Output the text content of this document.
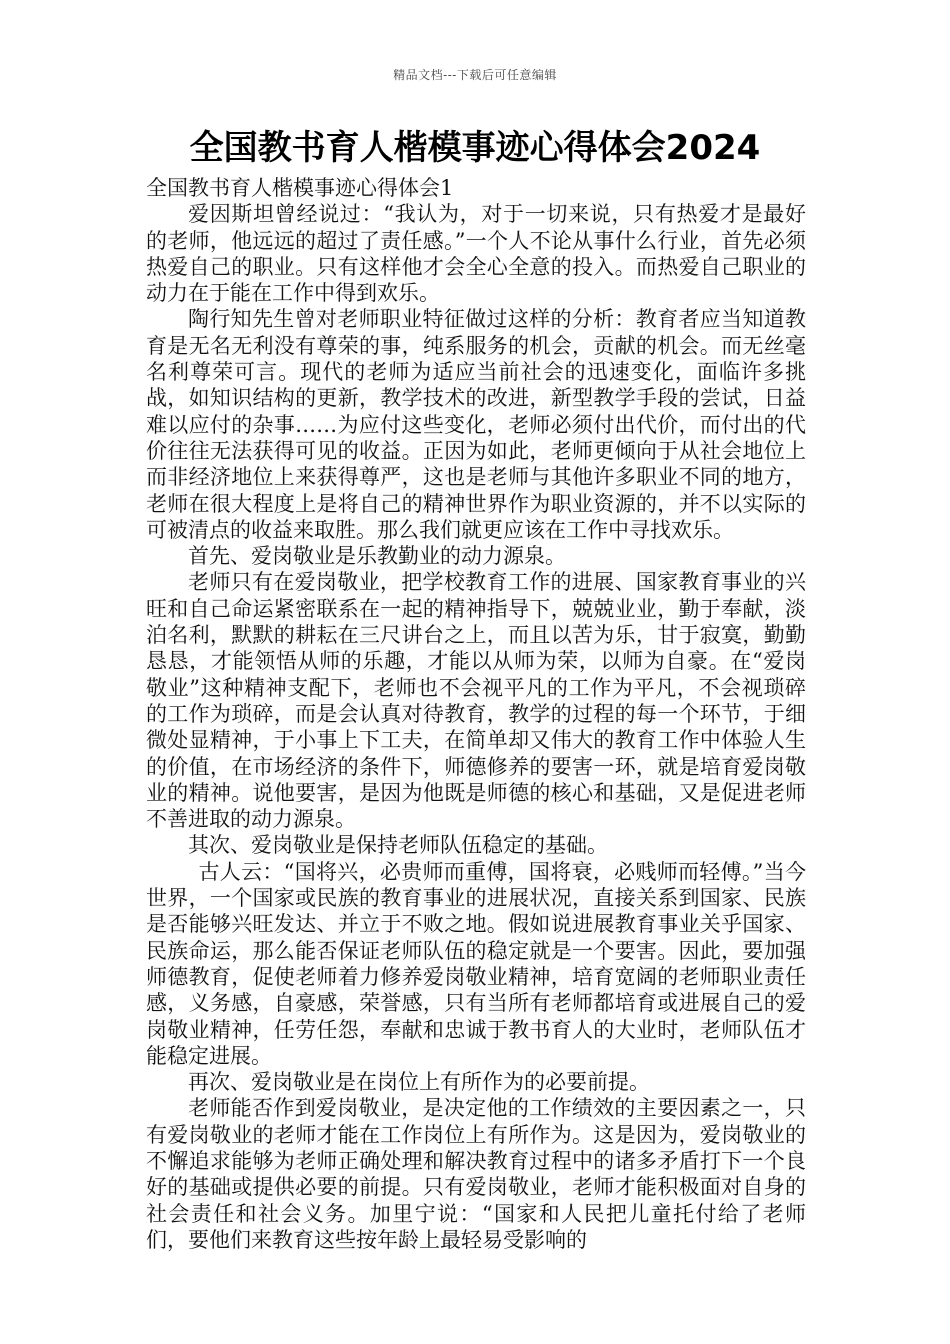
精品文档---下载后可任意编辑
全国教书育人楷模事迹心得体会2024
全国教书育人楷模事迹心得体会1

爱因斯坦曾经说过：“我认为，对于一切来说，只有热爱才是最好的老师，他远远的超过了责任感。”一个人不论从事什么行业，首先必须热爱自己的职业。只有这样他才会全心全意的投入。而热爱自己职业的动力在于能在工作中得到欢乐。

陶行知先生曾对老师职业特征做过这样的分析：教育者应当知道教育是无名无利没有尊荣的事，纯系服务的机会，贡献的机会。而无丝毫名利尊荣可言。现代的老师为适应当前社会的迅速变化，面临许多挑战，如知识结构的更新，教学技术的改进，新型教学手段的尝试，日益难以应付的杂事……为应付这些变化，老师必须付出代价，而付出的代价往往无法获得可见的收益。正因为如此，老师更倾向于从社会地位上而非经济地位上来获得尊严，这也是老师与其他许多职业不同的地方，老师在很大程度上是将自己的精神世界作为职业资源的，并不以实际的可被清点的收益来取胜。那么我们就更应该在工作中寻找欢乐。

首先、爱岗敬业是乐教勤业的动力源泉。

老师只有在爱岗敬业，把学校教育工作的进展、国家教育事业的兴旺和自己命运紧密联系在一起的精神指导下，兢兢业业，勤于奉献，淡泊名利，默默的耕耘在三尺讲台之上，而且以苦为乐，甘于寂寞，勤勤恳恳，才能领悟从师的乐趣，才能以从师为荣，以师为自豪。在“爱岗敬业”这种精神支配下，老师也不会视平凡的工作为平凡，不会视琐碎的工作为琐碎，而是会认真对待教育，教学的过程的每一个环节，于细微处显精神，于小事上下工夫，在简单却又伟大的教育工作中体验人生的价值，在市场经济的条件下，师德修养的要害一环，就是培育爱岗敬业的精神。说他要害，是因为他既是师德的核心和基础，又是促进老师不善进取的动力源泉。

其次、爱岗敬业是保持老师队伍稳定的基础。

古人云：“国将兴，必贵师而重傅，国将衰，必贱师而轻傅。”当今世界，一个国家或民族的教育事业的进展状况，直接关系到国家、民族是否能够兴旺发达、并立于不败之地。假如说进展教育事业关乎国家、民族命运，那么能否保证老师队伍的稳定就是一个要害。因此，要加强师德教育，促使老师着力修养爱岗敬业精神，培育宽阔的老师职业责任感，义务感，自豪感，荣誉感，只有当所有老师都培育或进展自己的爱岗敬业精神，任劳任怨，奉献和忠诚于教书育人的大业时，老师队伍才能稳定进展。

再次、爱岗敬业是在岗位上有所作为的必要前提。

老师能否作到爱岗敬业，是决定他的工作绩效的主要因素之一，只有爱岗敬业的老师才能在工作岗位上有所作为。这是因为，爱岗敬业的不懈追求能够为老师正确处理和解决教育过程中的诸多矛盾打下一个良好的基础或提供必要的前提。只有爱岗敬业，老师才能积极面对自身的社会责任和社会义务。加里宁说：“国家和人民把儿童托付给了老师们，要他们来教育这些按年龄上最轻易受影响的
